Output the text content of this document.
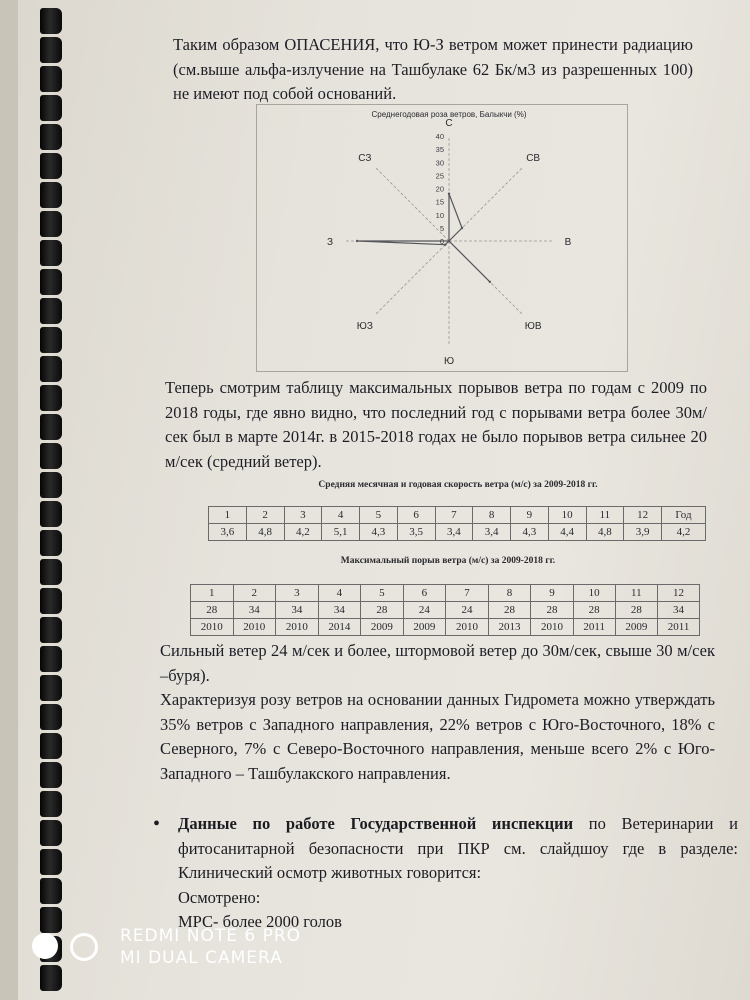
Таким образом ОПАСЕНИЯ, что Ю-З ветром может принести радиацию (см.выше альфа-излучение на Ташбулаке 62 Бк/м3 из разрешенных 100) не имеют под собой оснований.

Среднегодовая роза ветров, Балыкчи (%)
0
5
10
15
20
25
30
35
40
С
СВ
В
ЮВ
Ю
ЮЗ
З
СЗ

Теперь смотрим таблицу максимальных порывов ветра по годам с 2009 по 2018 годы, где явно видно, что последний год с порывами ветра более 30м/сек был в марте 2014г. в 2015-2018 годах не было порывов ветра сильнее 20 м/сек (средний ветер).

Средняя месячная и годовая скорость ветра (м/с) за 2009-2018 гг.
1	2	3	4	5	6	7	8	9	10	11	12	Год
3,6	4,8	4,2	5,1	4,3	3,5	3,4	3,4	4,3	4,4	4,8	3,9	4,2
Максимальный порыв ветра (м/с) за 2009-2018 гг.
1	2	3	4	5	6	7	8	9	10	11	12
28	34	34	34	28	24	24	28	28	28	28	34
2010	2010	2010	2014	2009	2009	2010	2013	2010	2011	2009	2011

Сильный ветер 24 м/сек и более, штормовой ветер до 30м/сек, свыше 30 м/сек –буря).

Характеризуя розу ветров на основании данных Гидромета можно утверждать 35% ветров с Западного направления, 22% ветров с Юго-Восточного, 18% с Северного, 7% с Северо-Восточного направления, меньше всего 2% с Юго-Западного – Ташбулакского направления.

• Данные по работе Государственной инспекции по Ветеринарии и фитосанитарной безопасности при ПКР см. слайдшоу где в разделе: Клинический осмотр животных говорится:
Осмотрено:
МРС- более 2000 голов
REDMI NOTE 6 PRO
MI DUAL CAMERA
